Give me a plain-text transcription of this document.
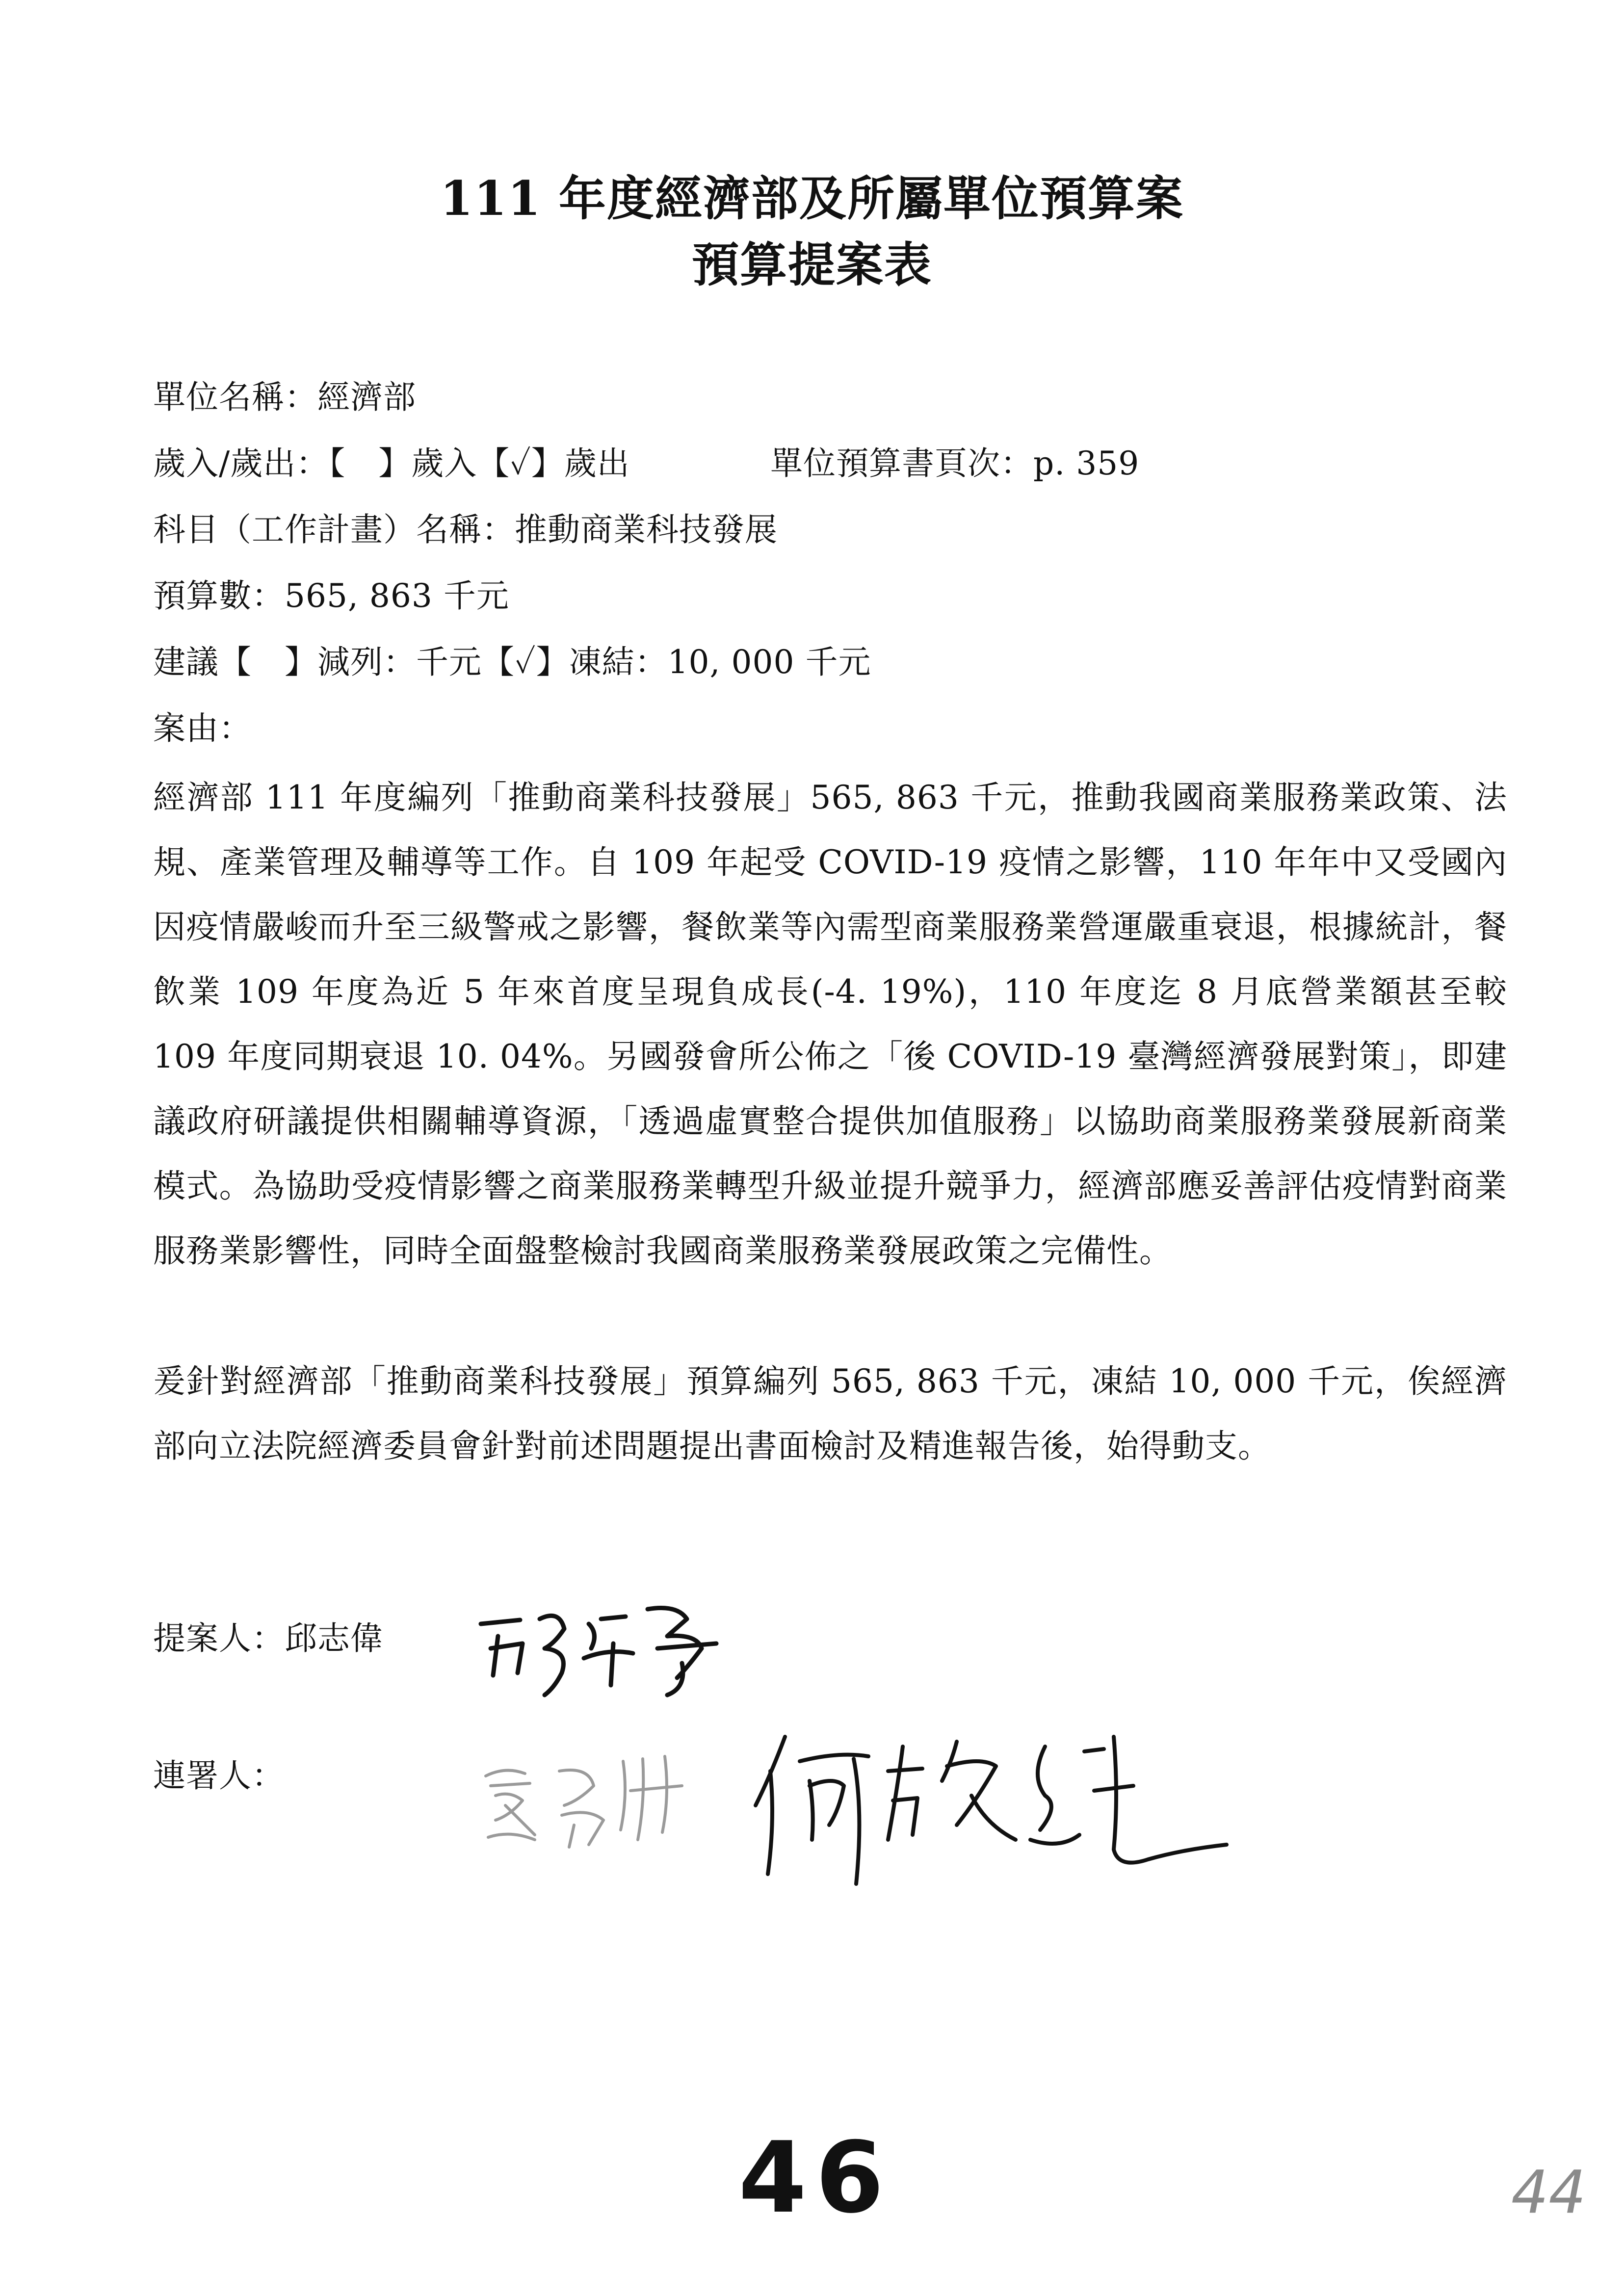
111 年度經濟部及所屬單位預算案
預算提案表
單位名稱：經濟部
歲入/歲出：【　】歲入【✓】歲出	單位預算書頁次：p. 359
科目（工作計畫）名稱：推動商業科技發展
預算數：565, 863 千元
建議【　】減列：千元【✓】凍結：10, 000 千元
案由：
經濟部 111 年度編列「推動商業科技發展」565, 863 千元，推動我國商業服務業政策、法規、產業管理及輔導等工作。自 109 年起受 COVID-19 疫情之影響，110 年年中又受國內因疫情嚴峻而升至三級警戒之影響，餐飲業等內需型商業服務業營運嚴重衰退，根據統計，餐飲業 109 年度為近 5 年來首度呈現負成長(-4. 19%)，110 年度迄 8 月底營業額甚至較 109 年度同期衰退 10. 04%。另國發會所公佈之「後 COVID-19 臺灣經濟發展對策」，即建議政府研議提供相關輔導資源，「透過虛實整合提供加值服務」以協助商業服務業發展新商業模式。為協助受疫情影響之商業服務業轉型升級並提升競爭力，經濟部應妥善評估疫情對商業服務業影響性，同時全面盤整檢討我國商業服務業發展政策之完備性。
爰針對經濟部「推動商業科技發展」預算編列 565, 863 千元，凍結 10, 000 千元，俟經濟部向立法院經濟委員會針對前述問題提出書面檢討及精進報告後，始得動支。
提案人：邱志偉
連署人：
46	44
